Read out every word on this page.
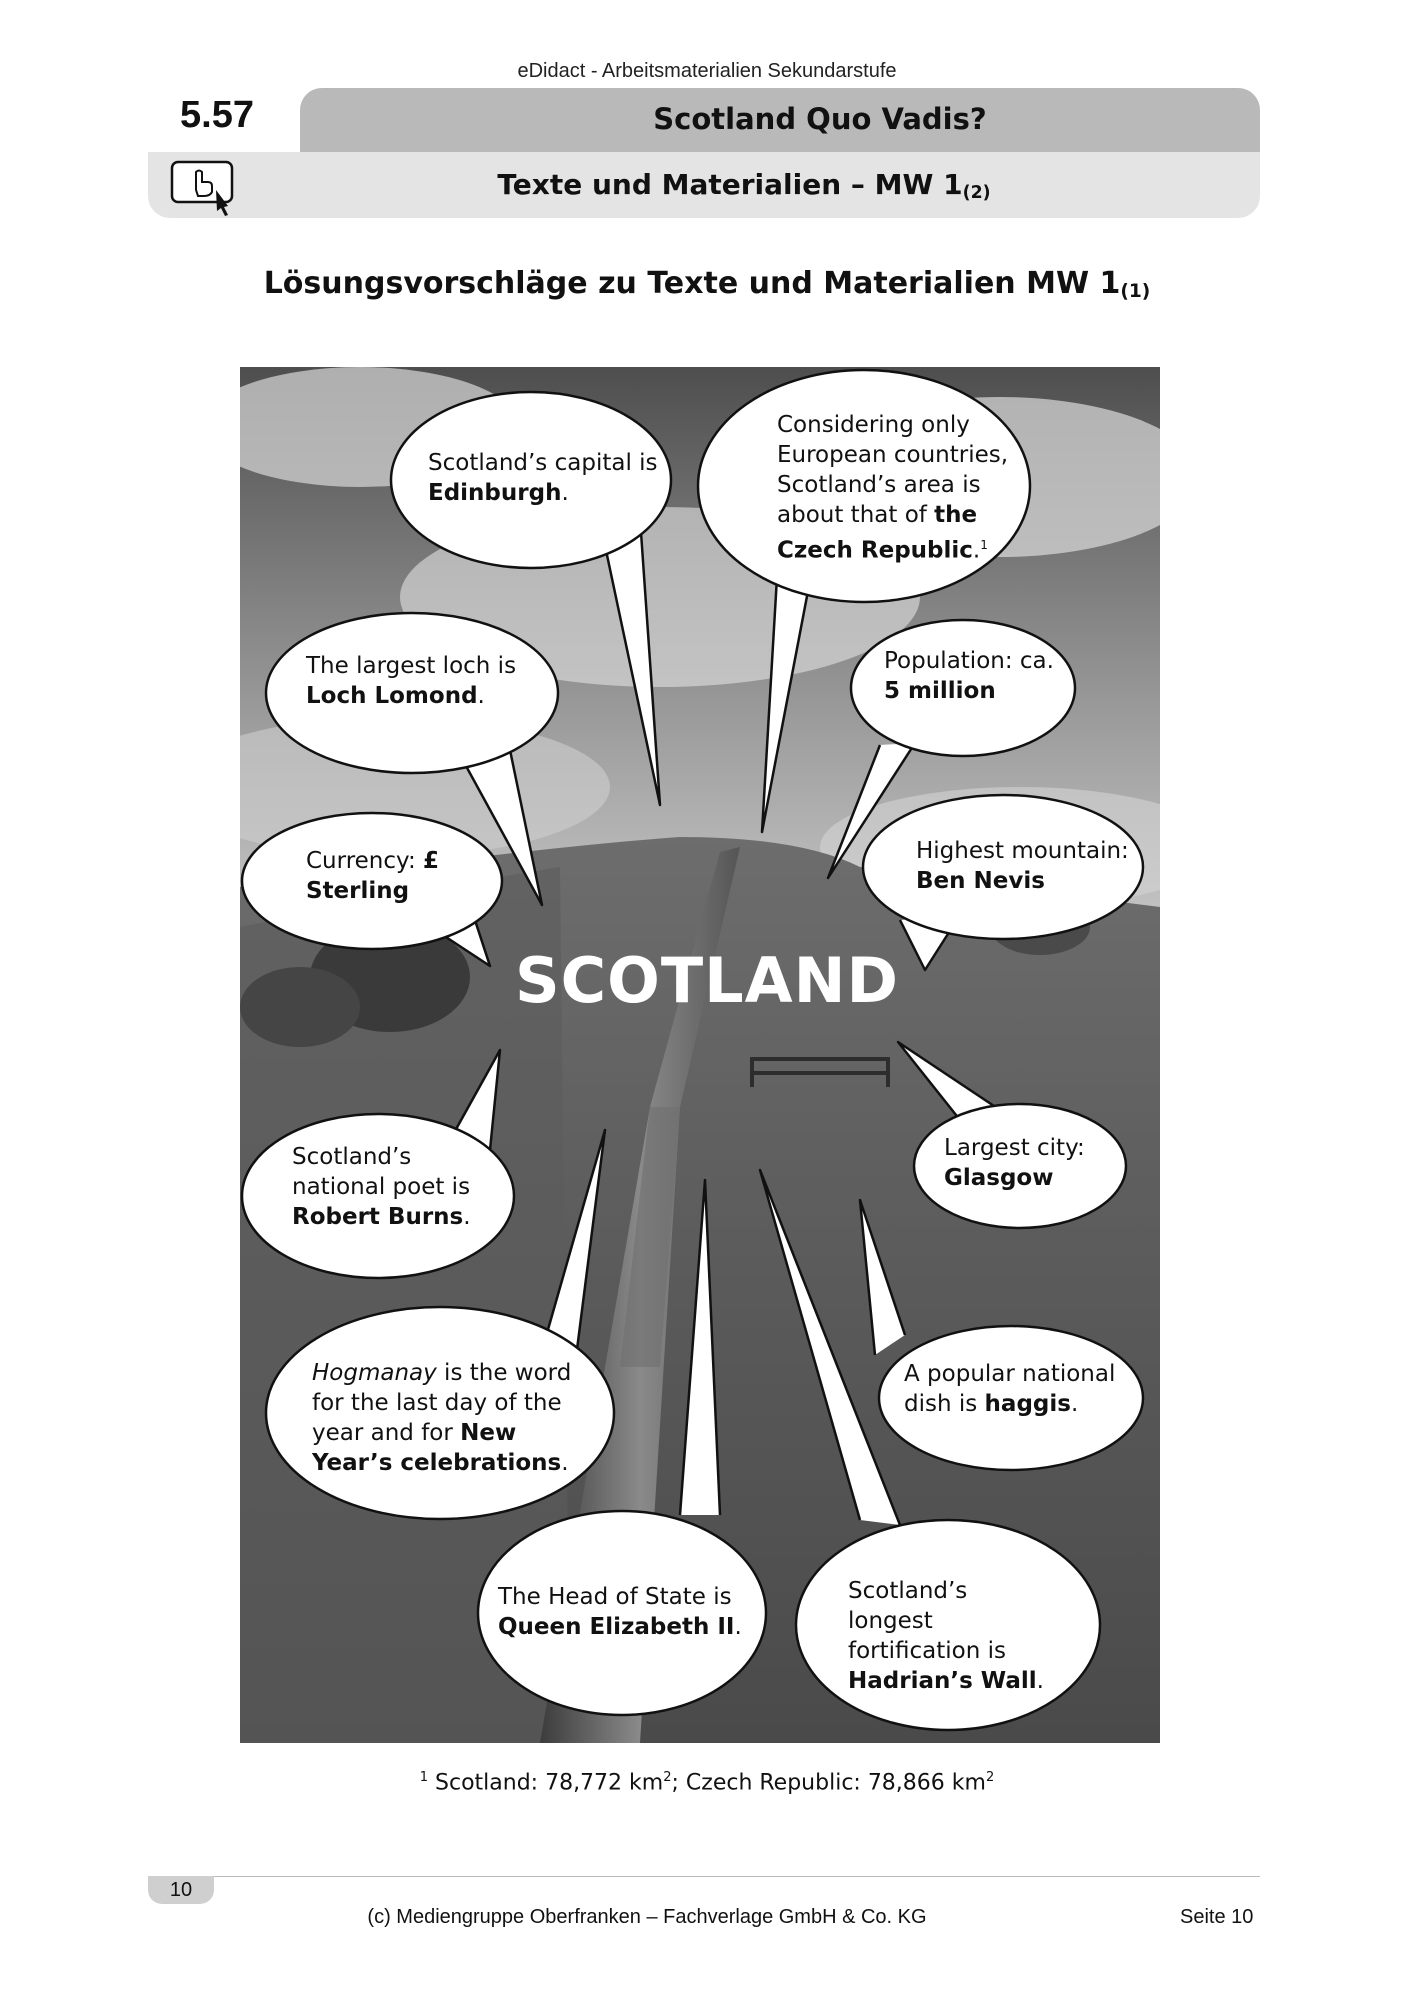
eDidact - Arbeitsmaterialien Sekundarstufe
5.57	Scotland Quo Vadis?
Texte und Materialien – MW $1_{(2)}$
Lösungsvorschläge zu Texte und Materialien MW $1_{(1)}$
SCOTLAND
Scotland’s capital is Edinburgh.
Considering only European countries, Scotland’s area is about that of the Czech Republic.$^1$
The largest loch is Loch Lomond.
Population: ca. 5 million
Currency: £ Sterling
Highest mountain: Ben Nevis
Largest city: Glasgow
Scotland’s national poet is Robert Burns.
Hogmanay is the word for the last day of the year and for New Year’s celebrations.
A popular national dish is haggis.
The Head of State is Queen Elizabeth II.
Scotland’s longest fortification is Hadrian’s Wall.
$^1$ Scotland: 78,772 $km^2$; Czech Republic: 78,866 $km^2$
10
(c) Mediengruppe Oberfranken – Fachverlage GmbH & Co. KG	Seite 10
